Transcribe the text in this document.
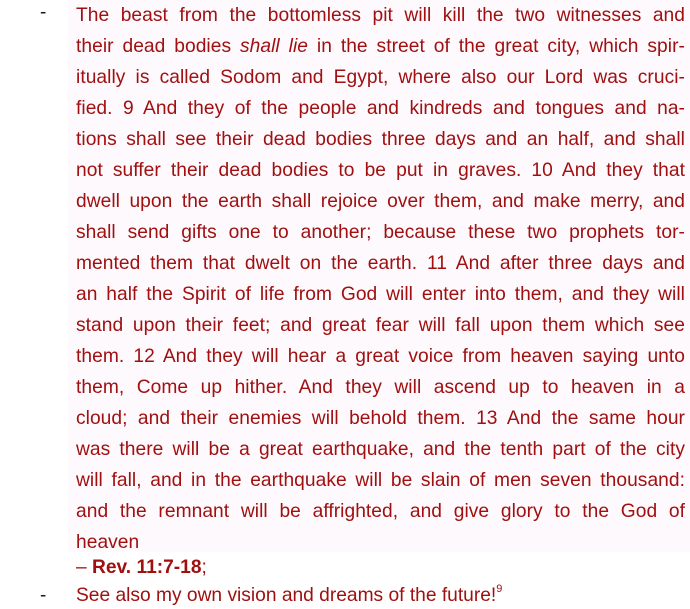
- The beast from the bottomless pit will kill the two witnesses and
their dead bodies shall lie in the street of the great city, which spir-
itually is called Sodom and Egypt, where also our Lord was cruci-
fied. 9 And they of the people and kindreds and tongues and na-
tions shall see their dead bodies three days and an half, and shall
not suffer their dead bodies to be put in graves. 10 And they that
dwell upon the earth shall rejoice over them, and make merry, and
shall send gifts one to another; because these two prophets tor-
mented them that dwelt on the earth. 11 And after three days and
an half the Spirit of life from God will enter into them, and they will
stand upon their feet; and great fear will fall upon them which see
them. 12 And they will hear a great voice from heaven saying unto
them, Come up hither. And they will ascend up to heaven in a
cloud; and their enemies will behold them. 13 And the same hour
was there will be a great earthquake, and the tenth part of the city
will fall, and in the earthquake will be slain of men seven thousand:
and the remnant will be affrighted, and give glory to the God of
heaven
– Rev. 11:7-18;
- See also my own vision and dreams of the future!$^9$
